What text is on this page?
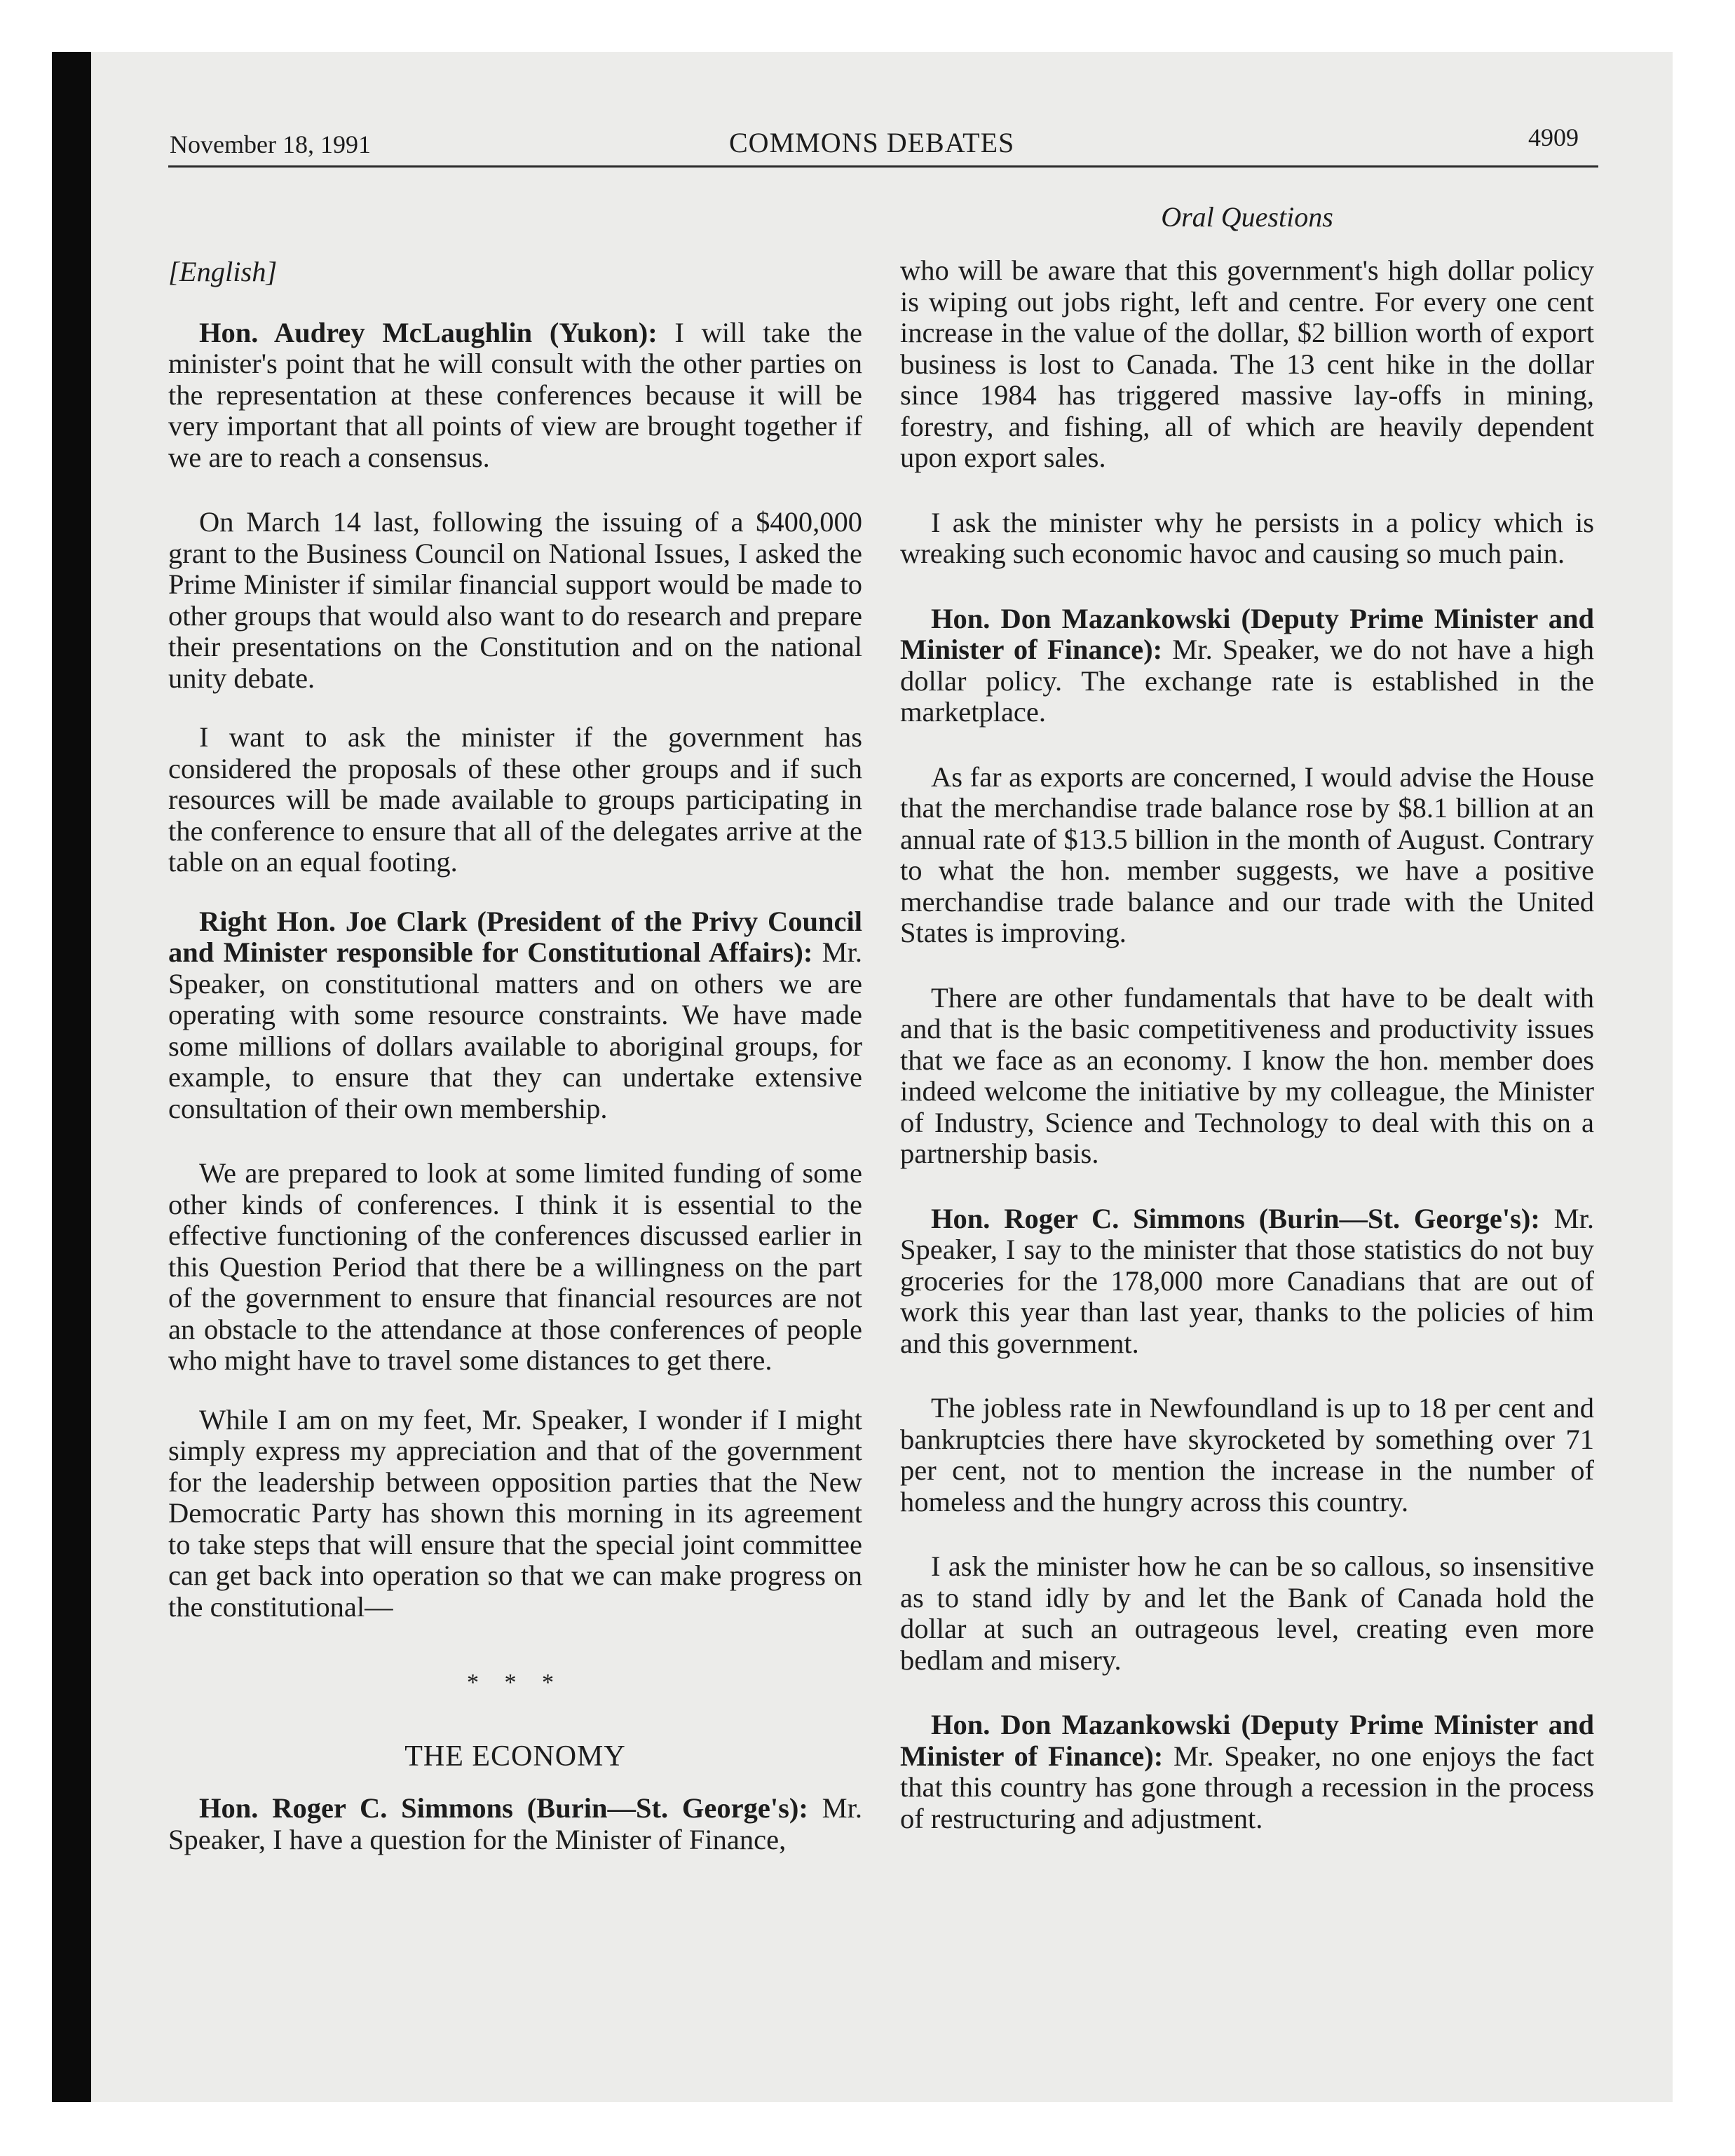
November 18, 1991	COMMONS DEBATES	4909
Oral Questions

[English]

Hon. Audrey McLaughlin (Yukon): I will take the minister's point that he will consult with the other parties on the representation at these conferences because it will be very important that all points of view are brought together if we are to reach a consensus.

On March 14 last, following the issuing of a $400,000 grant to the Business Council on National Issues, I asked the Prime Minister if similar financial support would be made to other groups that would also want to do research and prepare their presentations on the Constitution and on the national unity debate.

I want to ask the minister if the government has considered the proposals of these other groups and if such resources will be made available to groups participating in the conference to ensure that all of the delegates arrive at the table on an equal footing.

Right Hon. Joe Clark (President of the Privy Council and Minister responsible for Constitutional Affairs): Mr. Speaker, on constitutional matters and on others we are operating with some resource constraints. We have made some millions of dollars available to aboriginal groups, for example, to ensure that they can undertake extensive consultation of their own membership.

We are prepared to look at some limited funding of some other kinds of conferences. I think it is essential to the effective functioning of the conferences discussed earlier in this Question Period that there be a willingness on the part of the government to ensure that financial resources are not an obstacle to the attendance at those conferences of people who might have to travel some distances to get there.

While I am on my feet, Mr. Speaker, I wonder if I might simply express my appreciation and that of the government for the leadership between opposition parties that the New Democratic Party has shown this morning in its agreement to take steps that will ensure that the special joint committee can get back into operation so that we can make progress on the constitutional—

* * *
THE ECONOMY

Hon. Roger C. Simmons (Burin—St. George's): Mr. Speaker, I have a question for the Minister of Finance,

who will be aware that this government's high dollar policy is wiping out jobs right, left and centre. For every one cent increase in the value of the dollar, $2 billion worth of export business is lost to Canada. The 13 cent hike in the dollar since 1984 has triggered massive lay-offs in mining, forestry, and fishing, all of which are heavily dependent upon export sales.

I ask the minister why he persists in a policy which is wreaking such economic havoc and causing so much pain.

Hon. Don Mazankowski (Deputy Prime Minister and Minister of Finance): Mr. Speaker, we do not have a high dollar policy. The exchange rate is established in the marketplace.

As far as exports are concerned, I would advise the House that the merchandise trade balance rose by $8.1 billion at an annual rate of $13.5 billion in the month of August. Contrary to what the hon. member suggests, we have a positive merchandise trade balance and our trade with the United States is improving.

There are other fundamentals that have to be dealt with and that is the basic competitiveness and productivity issues that we face as an economy. I know the hon. member does indeed welcome the initiative by my colleague, the Minister of Industry, Science and Technology to deal with this on a partnership basis.

Hon. Roger C. Simmons (Burin—St. George's): Mr. Speaker, I say to the minister that those statistics do not buy groceries for the 178,000 more Canadians that are out of work this year than last year, thanks to the policies of him and this government.

The jobless rate in Newfoundland is up to 18 per cent and bankruptcies there have skyrocketed by something over 71 per cent, not to mention the increase in the number of homeless and the hungry across this country.

I ask the minister how he can be so callous, so insensitive as to stand idly by and let the Bank of Canada hold the dollar at such an outrageous level, creating even more bedlam and misery.

Hon. Don Mazankowski (Deputy Prime Minister and Minister of Finance): Mr. Speaker, no one enjoys the fact that this country has gone through a recession in the process of restructuring and adjustment.
